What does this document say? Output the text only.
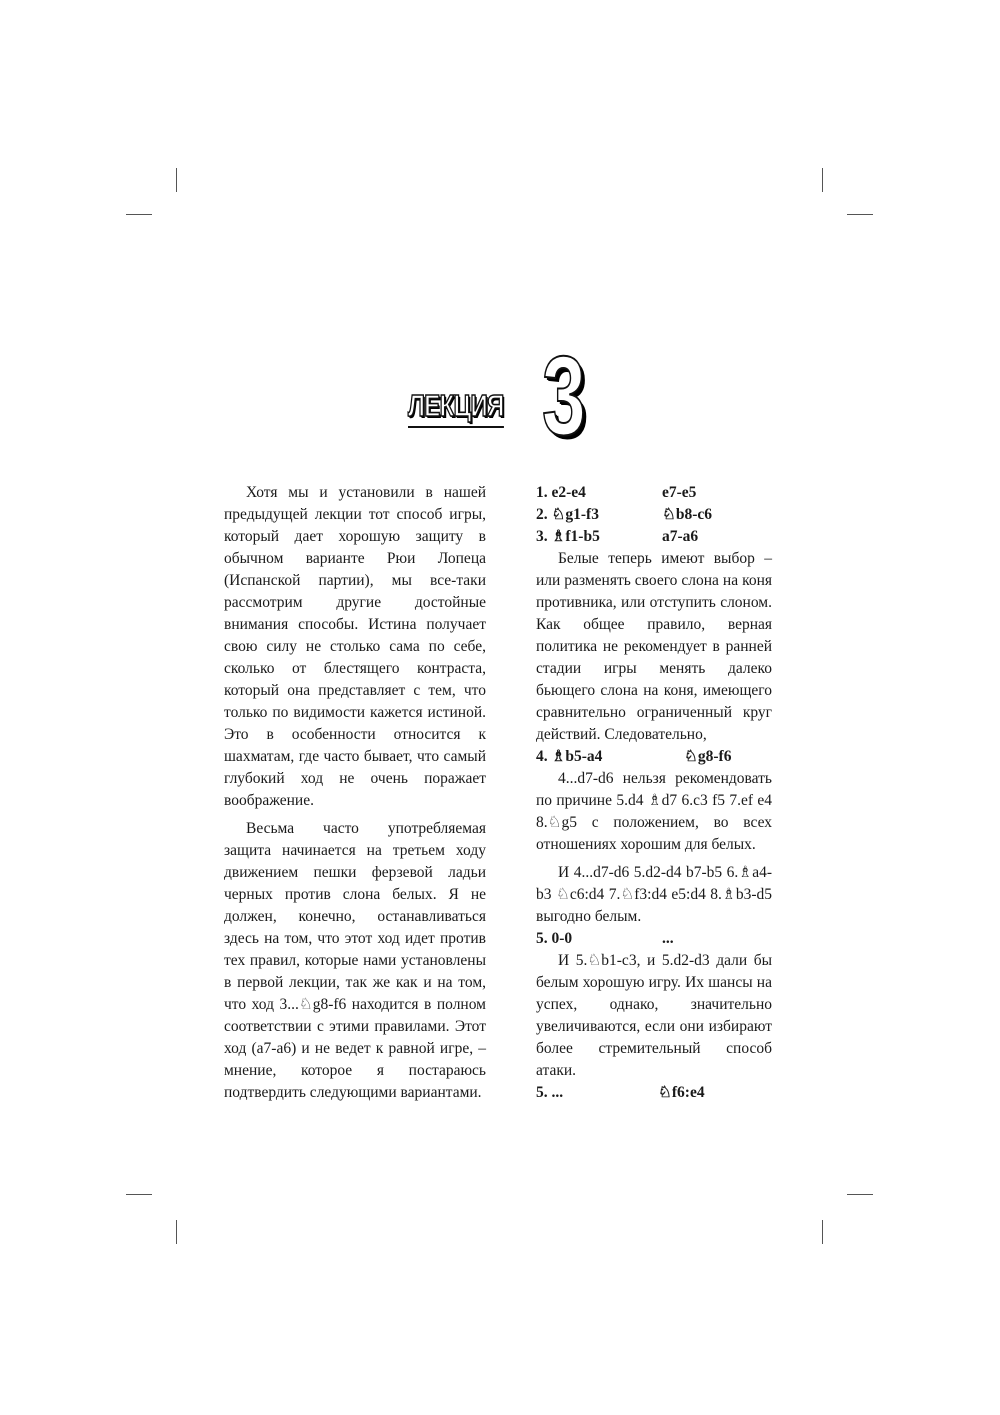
ЛЕКЦИЯ 3

Хотя мы и установили в нашей предыдущей лекции тот способ игры, который дает хорошую защиту в обычном варианте Рюи Лопеца (Испанской партии), мы все-таки рассмотрим другие достойные внимания способы. Истина получает свою силу не столько сама по себе, сколько от блестящего контраста, который она представляет с тем, что только по видимости кажется истиной. Это в особенности относится к шахматам, где часто бывает, что самый глубокий ход не очень поражает воображение.

Весьма часто употребляемая защита начинается на третьем ходу движением пешки ферзевой ладьи черных против слона белых. Я не должен, конечно, останавливаться здесь на том, что этот ход идет против тех правил, которые нами установлены в первой лекции, так же как и на том, что ход 3...♘g8-f6 находится в полном соответствии с этими правилами. Этот ход (a7-a6) и не ведет к равной игре, – мнение, которое я постараюсь подтвердить следующими вариантами.

1. e2-e4	e7-e5
2. ♘g1-f3	♘b8-c6
3. ♗f1-b5	a7-a6

Белые теперь имеют выбор – или разменять своего слона на коня противника, или отступить слоном. Как общее правило, верная политика не рекомендует в ранней стадии игры менять далеко бьющего слона на коня, имеющего сравнительно ограниченный круг действий. Следовательно,

4. ♗b5-a4	♘g8-f6

4...d7-d6 нельзя рекомендовать по причине 5.d4 ♗d7 6.c3 f5 7.ef e4 8.♘g5 с положением, во всех отношениях хорошим для белых.

И 4...d7-d6 5.d2-d4 b7-b5 6.♗a4-b3 ♘c6:d4 7.♘f3:d4 e5:d4 8.♗b3-d5 выгодно белым.

5. 0-0	...

И 5.♘b1-c3, и 5.d2-d3 дали бы белым хорошую игру. Их шансы на успех, однако, значительно увеличиваются, если они избирают более стремительный способ атаки.

5. ...	♘f6:e4
